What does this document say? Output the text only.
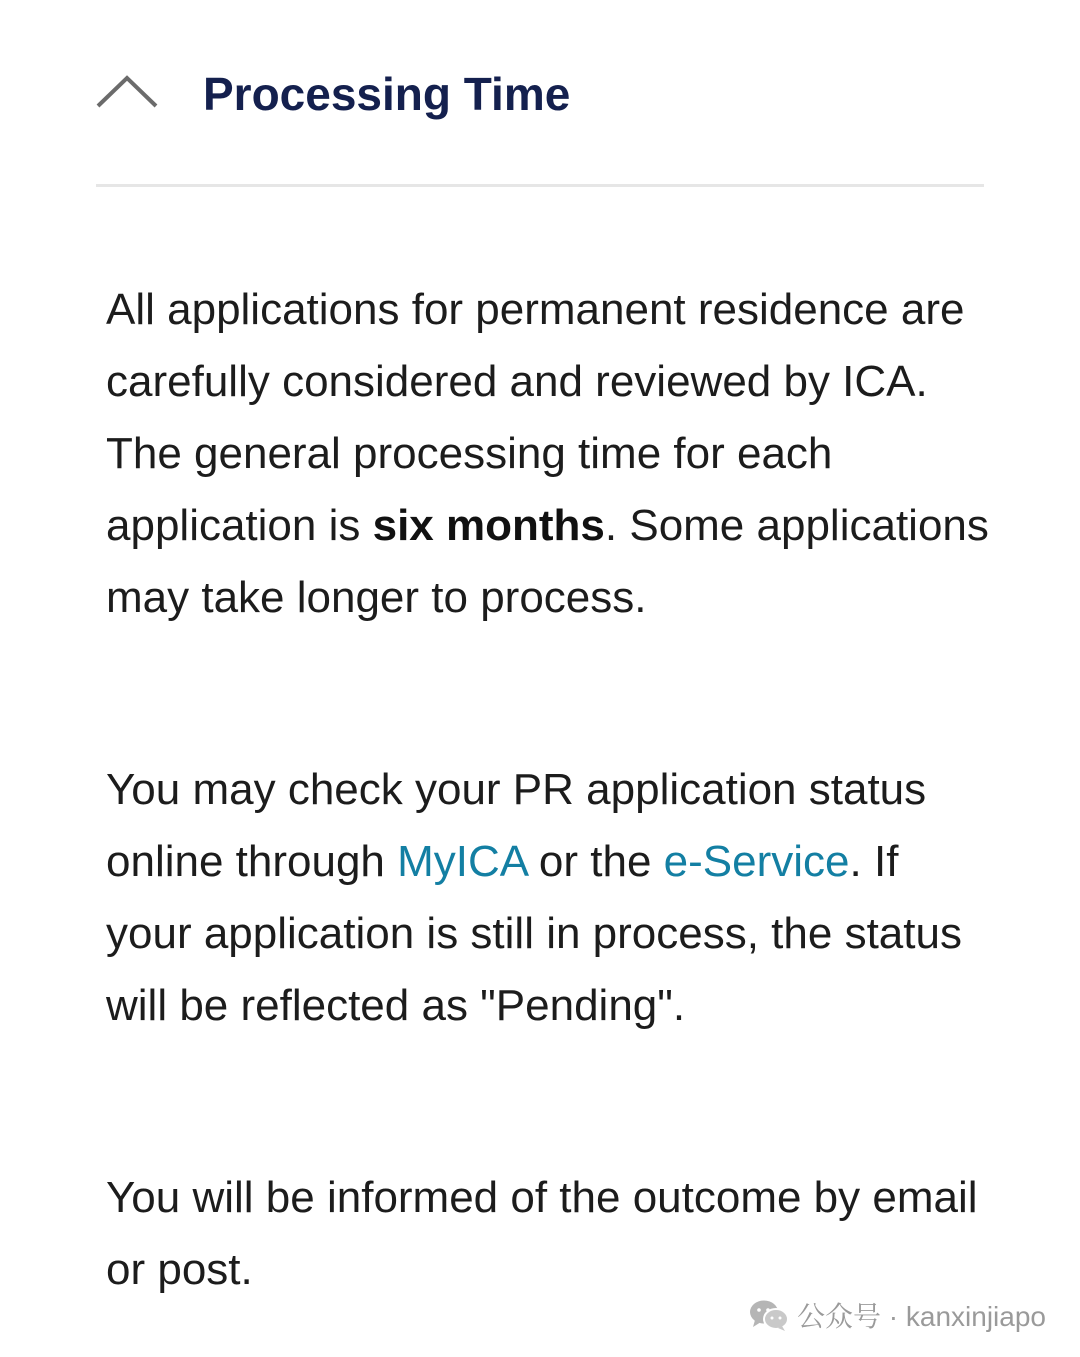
Processing Time

All applications for permanent residence are carefully considered and reviewed by ICA. The general processing time for each application is six months. Some applications may take longer to process.

You may check your PR application status online through MyICA or the e-Service. If your application is still in process, the status will be reflected as "Pending".

You will be informed of the outcome by email or post.

公众号 · kanxinjiapo
